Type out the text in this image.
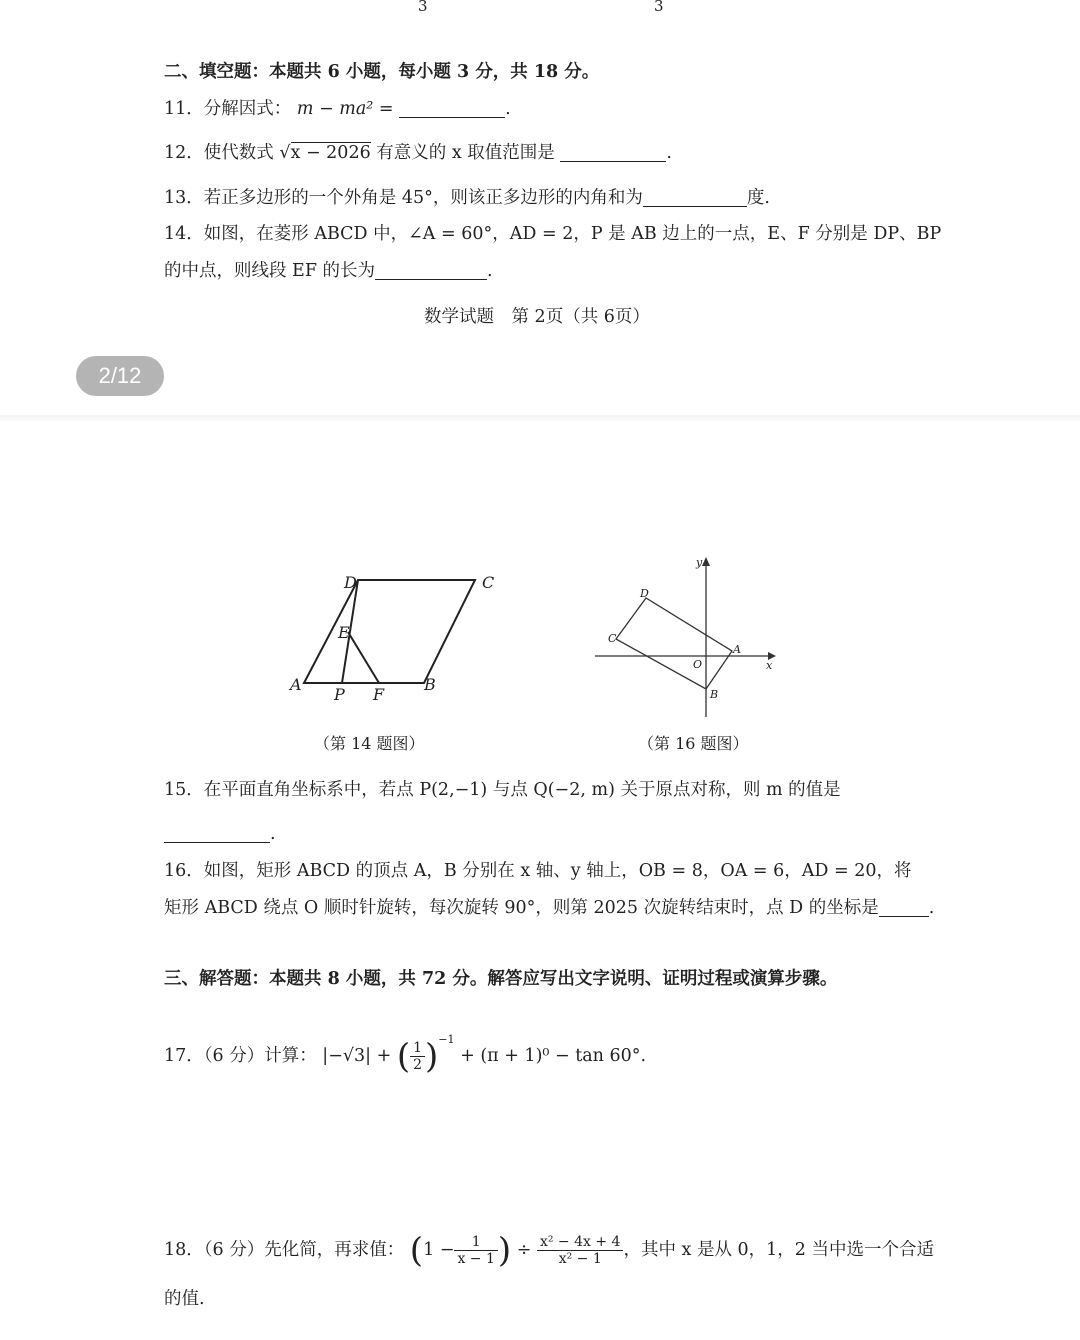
3	3
二、填空题：本题共 6 小题，每小题 3 分，共 18 分。
11．分解因式： m − ma² =	.
12．使代数式 √x − 2026 有意义的 x 取值范围是	.
13．若正多边形的一个外角是 45°，则该正多边形的内角和为	度.
14．如图，在菱形 ABCD 中，∠A = 60°，AD = 2，P 是 AB 边上的一点，E、F 分别是 DP、BP
的中点，则线段 EF 的长为	.
数学试题　第 2页（共 6页）
2/12
D	C
E
A
P F
B
（第 14 题图）
y
D
C
A
O	x
B
（第 16 题图）
15．在平面直角坐标系中，若点 P(2,−1) 与点 Q(−2, m) 关于原点对称，则 m 的值是
.
16．如图，矩形 ABCD 的顶点 A，B 分别在 x 轴、y 轴上，OB = 8，OA = 6，AD = 20，将
矩形 ABCD 绕点 O 顺时针旋转，每次旋转 90°，则第 2025 次旋转结束时，点 D 的坐标是	.
三、解答题：本题共 8 小题，共 72 分。解答应写出文字说明、证明过程或演算步骤。
17．（6 分）计算： |−√3| + ( $\frac{1}{2} )^{-1} + (\pi + 1)^0 - \tan 60^\circ$.
18．（6 分）先化简，再求值： ($1 - \frac{1}{x - 1}$ ) ÷ $\frac{\text{x² − 4x + 4}}{\text{x² − 1}}$ ，其中 x 是从 0，1，2 当中选一个合适
的值.
